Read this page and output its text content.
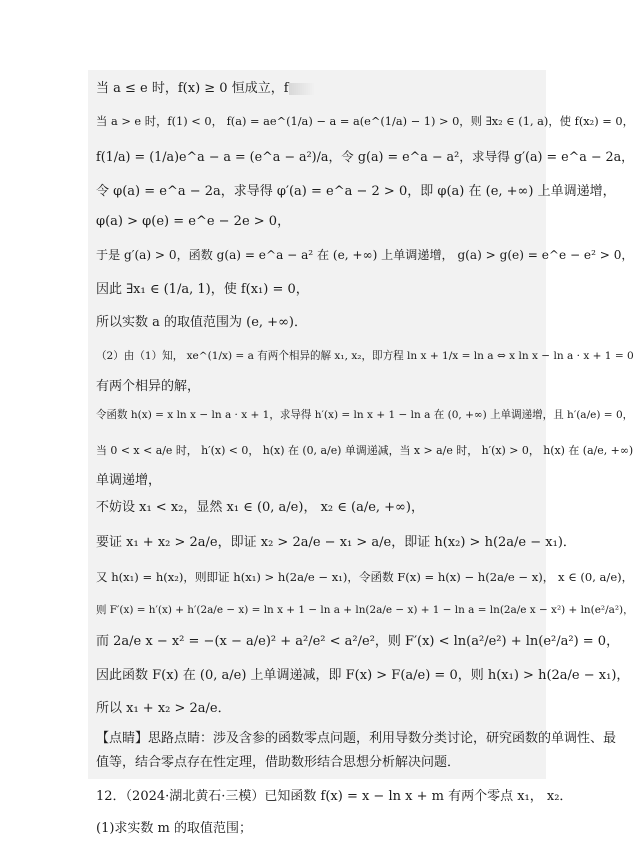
当 a ≤ e 时，f(x) ≥ 0 恒成立，f
当 a > e 时，f(1) < 0， f(a) = ae^(1/a) − a = a(e^(1/a) − 1) > 0，则 ∃x₂ ∈ (1, a)，使 f(x₂) = 0，
f(1/a) = (1/a)e^a − a = (e^a − a²)/a，令 g(a) = e^a − a²，求导得 g′(a) = e^a − 2a，
令 φ(a) = e^a − 2a，求导得 φ′(a) = e^a − 2 > 0，即 φ(a) 在 (e, +∞) 上单调递增，
φ(a) > φ(e) = e^e − 2e > 0，
于是 g′(a) > 0，函数 g(a) = e^a − a² 在 (e, +∞) 上单调递增， g(a) > g(e) = e^e − e² > 0，
因此 ∃x₁ ∈ (1/a, 1)，使 f(x₁) = 0，
所以实数 a 的取值范围为 (e, +∞)．
（2）由（1）知， xe^(1/x) = a 有两个相异的解 x₁, x₂，即方程 ln x + 1/x = ln a ⇔ x ln x − ln a · x + 1 = 0
有两个相异的解，
令函数 h(x) = x ln x − ln a · x + 1，求导得 h′(x) = ln x + 1 − ln a 在 (0, +∞) 上单调递增，且 h′(a/e) = 0，
当 0 < x < a/e 时， h′(x) < 0， h(x) 在 (0, a/e) 单调递减，当 x > a/e 时， h′(x) > 0， h(x) 在 (a/e, +∞)
单调递增，
不妨设 x₁ < x₂，显然 x₁ ∈ (0, a/e)， x₂ ∈ (a/e, +∞)，
要证 x₁ + x₂ > 2a/e，即证 x₂ > 2a/e − x₁ > a/e，即证 h(x₂) > h(2a/e − x₁)．
又 h(x₁) = h(x₂)，则即证 h(x₁) > h(2a/e − x₁)，令函数 F(x) = h(x) − h(2a/e − x)， x ∈ (0, a/e)，
则 F′(x) = h′(x) + h′(2a/e − x) = ln x + 1 − ln a + ln(2a/e − x) + 1 − ln a = ln(2a/e x − x²) + ln(e²/a²)，
而 2a/e x − x² = −(x − a/e)² + a²/e² < a²/e²，则 F′(x) < ln(a²/e²) + ln(e²/a²) = 0，
因此函数 F(x) 在 (0, a/e) 上单调递减，即 F(x) > F(a/e) = 0，则 h(x₁) > h(2a/e − x₁)，
所以 x₁ + x₂ > 2a/e．
【点睛】思路点睛：涉及含参的函数零点问题，利用导数分类讨论，研究函数的单调性、最
值等，结合零点存在性定理，借助数形结合思想分析解决问题．
12．（2024·湖北黄石·三模）已知函数 f(x) = x − ln x + m 有两个零点 x₁， x₂．
(1)求实数 m 的取值范围；
